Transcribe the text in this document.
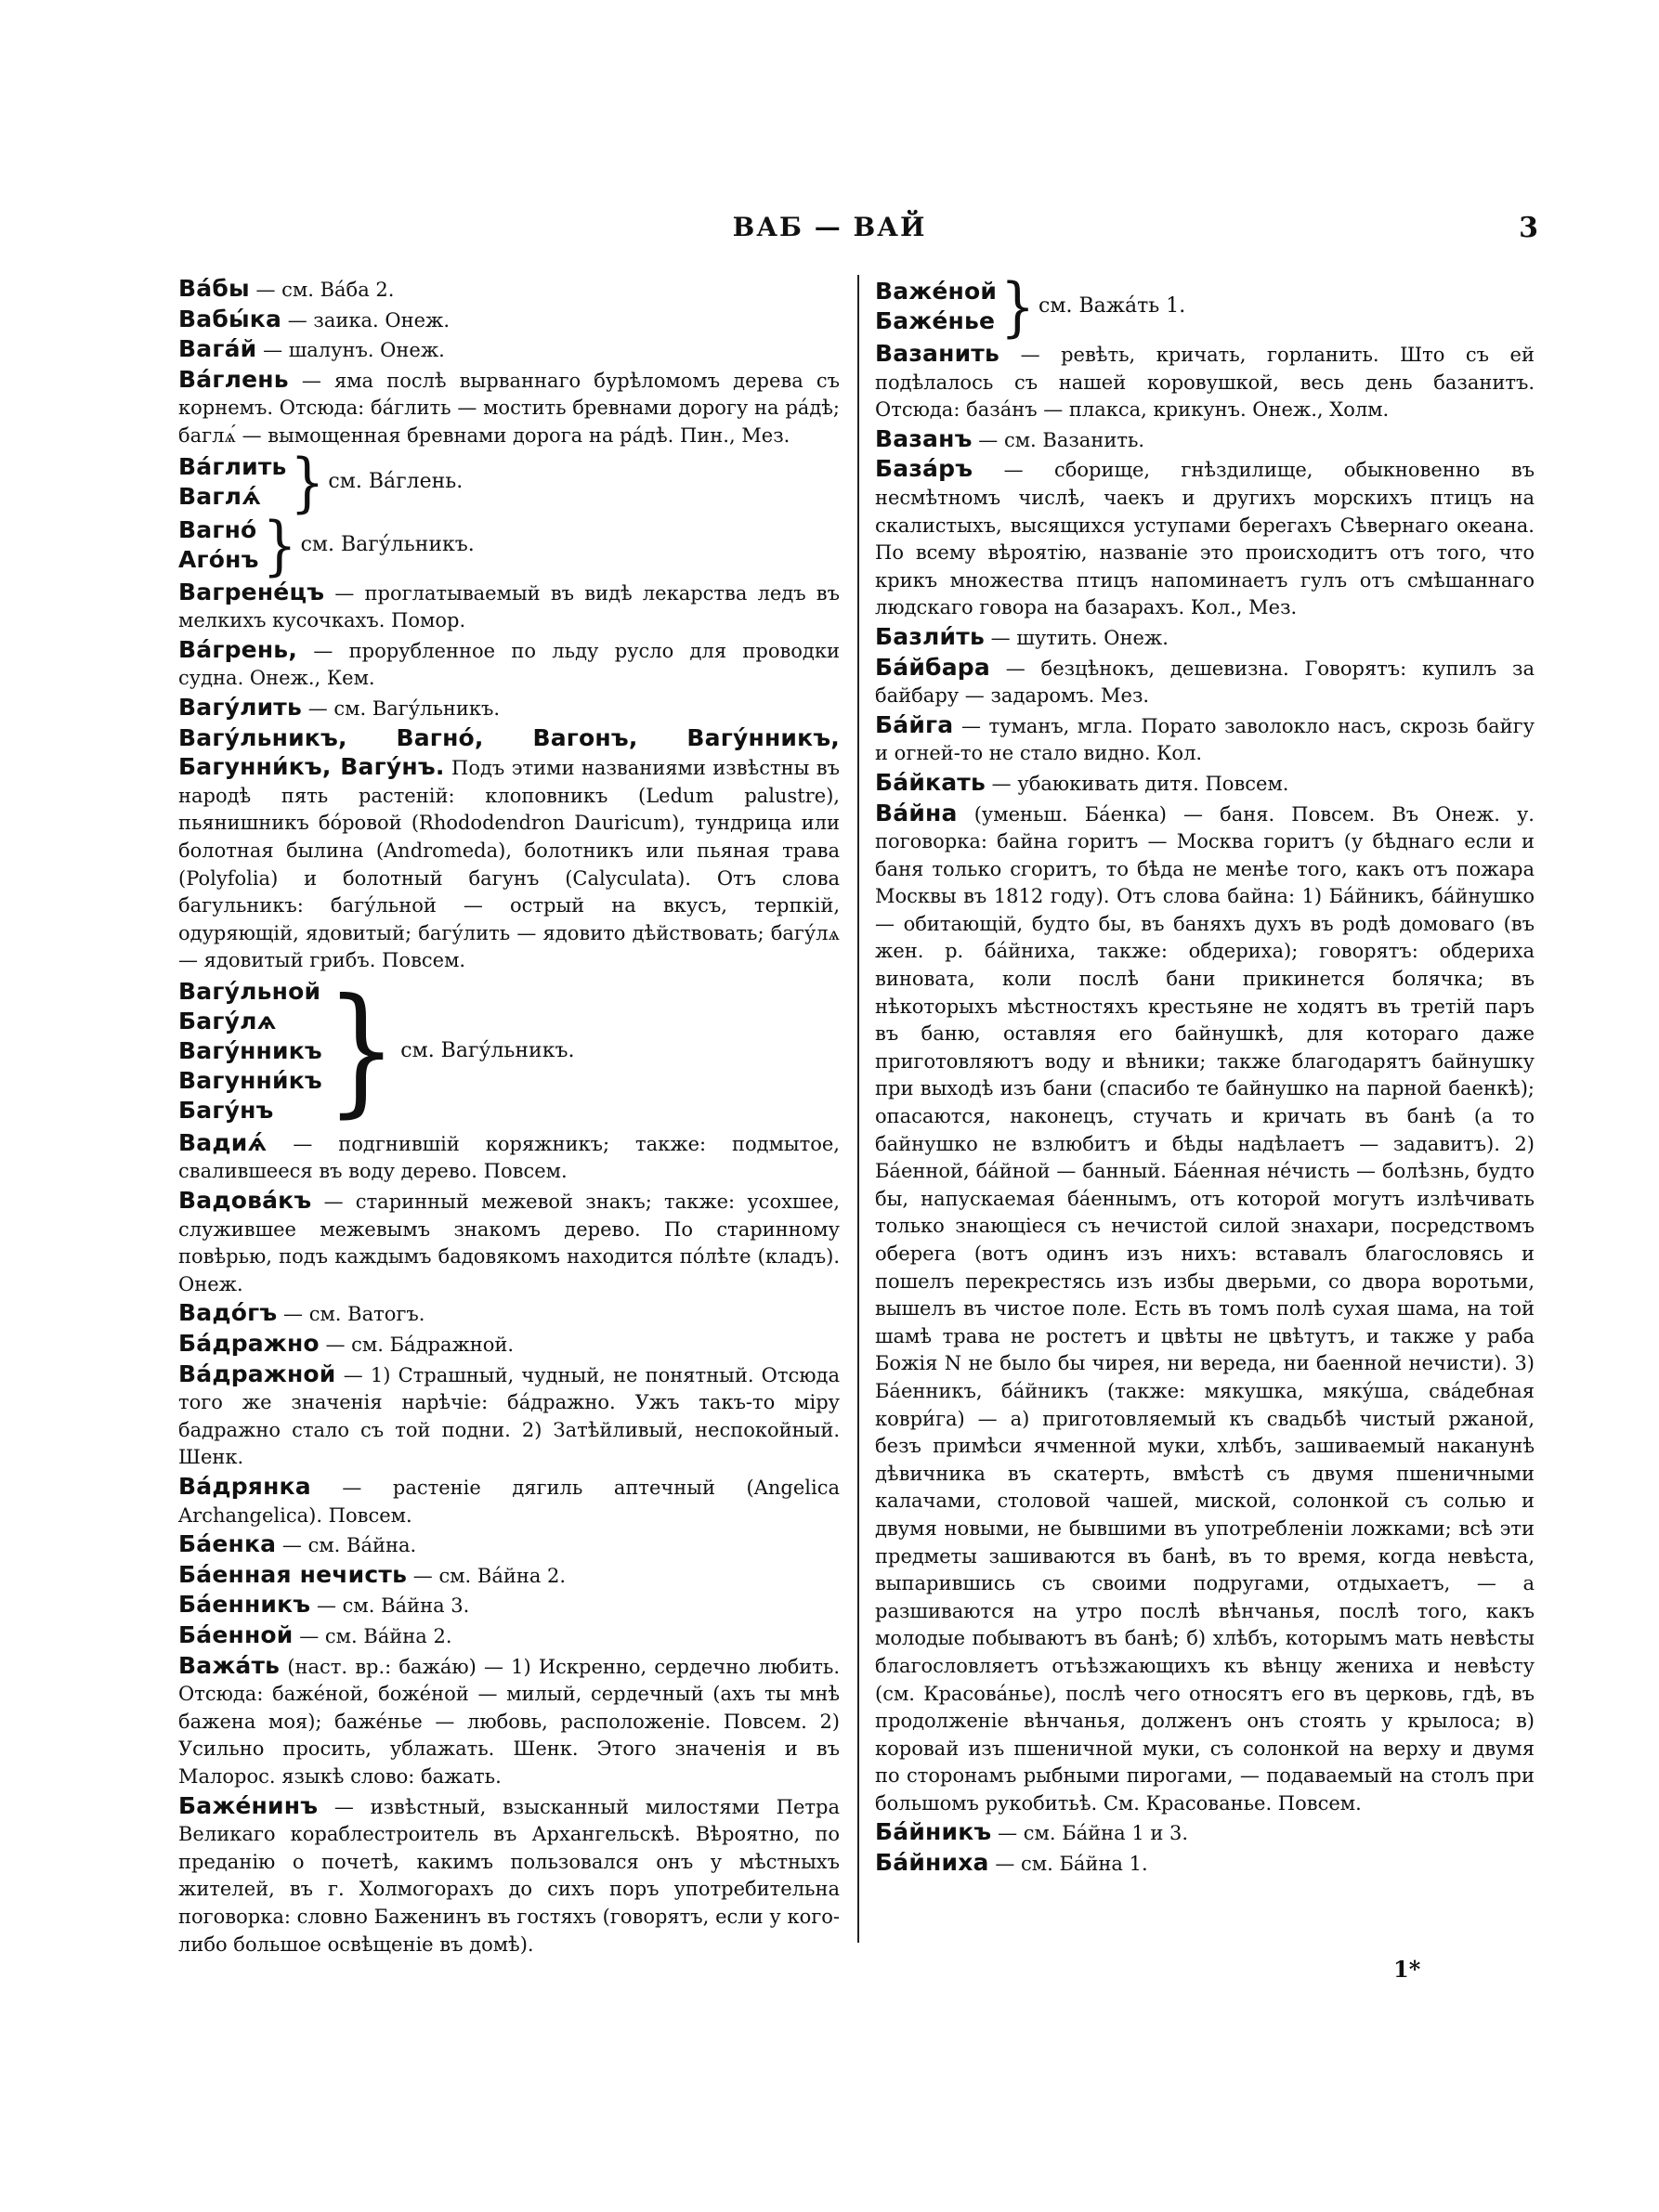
ВАБ — ВАЙ	3
Ва́бы — см. Ва́ба 2.
Вабы́ка — заика. Онеж.
Вага́й — шалунъ. Онеж.
Ва́глень — яма послѣ вырваннаго бурѣломомъ дерева съ корнемъ. Отсюда: ба́глить — мостить бревнами дорогу на ра́дѣ; баглѧ́ — вымощенная бревнами дорога на ра́дѣ. Пин., Мез.
Ва́глить
Ваглѧ́ } см. Ва́глень.
Вагно́
Аго́нъ } см. Вагу́льникъ.
Вагрене́цъ — проглатываемый въ видѣ лекарства ледъ въ мелкихъ кусочкахъ. Помор.
Ва́грень, — прорубленное по льду русло для проводки судна. Онеж., Кем.
Вагу́лить — см. Вагу́льникъ.
Вагу́льникъ, Вагно́, Вагонъ, Вагу́нникъ, Багунни́къ, Вагу́нъ. Подъ этими названиями извѣстны въ народѣ пять растеній: клоповникъ (Ledum palustre), пьянишникъ бо́ровой (Rhododendron Dauricum), тундрица или болотная былина (Andromeda), болотникъ или пьяная трава (Polyfolia) и болотный багунъ (Calyculata). Отъ слова багульникъ: багу́льной — острый на вкусъ, терпкій, одуряющій, ядовитый; багу́лить — ядовито дѣйствовать; багу́лѧ — ядовитый грибъ. Повсем.
Вагу́льной
Багу́лѧ
Вагу́нникъ
Вагунни́къ
Багу́нъ } см. Вагу́льникъ.
Вадиѧ́ — подгнившій коряжникъ; также: подмытое, свалившееся въ воду дерево. Повсем.
Вадова́къ — старинный межевой знакъ; также: усохшее, служившее межевымъ знакомъ дерево. По старинному повѣрью, подъ каждымъ бадовякомъ находится по́лѣте (кладъ). Онеж.
Вадо́гъ — см. Ватогъ.
Ба́дражно — см. Ба́дражной.
Ва́дражной — 1) Страшный, чудный, не понятный. Отсюда того же значенія нарѣчіе: ба́дражно. Ужъ такъ-то міру бадражно стало съ той подни. 2) Затѣйливый, неспокойный. Шенк.
Ва́дрянка — растеніе дягиль аптечный (Angelica Archangelica). Повсем.
Ба́енка — см. Ва́йна.
Ба́енная нечисть — см. Ва́йна 2.
Ба́енникъ — см. Ва́йна 3.
Ба́енной — см. Ва́йна 2.
Важа́ть (наст. вр.: бажа́ю) — 1) Искренно, сердечно любить. Отсюда: баже́ной, боже́ной — милый, сердечный (ахъ ты мнѣ бажена моя); баже́нье — любовь, расположеніе. Повсем. 2) Усильно просить, ублажать. Шенк. Этого значенія и въ Малорос. языкѣ слово: бажать.
Баже́нинъ — извѣстный, взысканный милостями Петра Великаго кораблестроитель въ Архангельскѣ. Вѣроятно, по преданію о почетѣ, какимъ пользовался онъ у мѣстныхъ жителей, въ г. Холмогорахъ до сихъ поръ употребительна поговорка: словно Баженинъ въ гостяхъ (говорятъ, если у кого-либо большое освѣщеніе въ домѣ).
Важе́ной
Баже́нье } см. Важа́ть 1.
Вазанить — ревѣть, кричать, горланить. Што съ ей подѣлалось съ нашей коровушкой, весь день базанитъ. Отсюда: база́нъ — плакса, крикунъ. Онеж., Холм.
Вазанъ — см. Вазанить.
База́ръ — сборище, гнѣздилище, обыкновенно въ несмѣтномъ числѣ, чаекъ и другихъ морскихъ птицъ на скалистыхъ, высящихся уступами берегахъ Сѣвернаго океана. По всему вѣроятію, названіе это происходитъ отъ того, что крикъ множества птицъ напоминаетъ гулъ отъ смѣшаннаго людскаго говора на базарахъ. Кол., Мез.
Базли́ть — шутить. Онеж.
Ба́йбара — безцѣнокъ, дешевизна. Говорятъ: купилъ за байбару — задаромъ. Мез.
Ба́йга — туманъ, мгла. Порато заволокло насъ, скрозь байгу и огней-то не стало видно. Кол.
Ба́йкать — убаюкивать дитя. Повсем.
Ва́йна (уменьш. Ба́енка) — баня. Повсем. Въ Онеж. у. поговорка: байна горитъ — Москва горитъ (у бѣднаго если и баня только сгоритъ, то бѣда не менѣе того, какъ отъ пожара Москвы въ 1812 году). Отъ слова байна: 1) Ба́йникъ, ба́йнушко — обитающій, будто бы, въ баняхъ духъ въ родѣ домоваго (въ жен. р. ба́йниха, также: обдериха); говорятъ: обдериха виновата, коли послѣ бани прикинется болячка; въ нѣкоторыхъ мѣстностяхъ крестьяне не ходятъ въ третій паръ въ баню, оставляя его байнушкѣ, для котораго даже приготовляютъ воду и вѣники; также благодарятъ байнушку при выходѣ изъ бани (спасибо те байнушко на парной баенкѣ); опасаются, наконецъ, стучать и кричать въ банѣ (а то байнушко не взлюбитъ и бѣды надѣлаетъ — задавитъ). 2) Ба́енной, ба́йной — банный. Ба́енная не́чисть — болѣзнь, будто бы, напускаемая ба́еннымъ, отъ которой могутъ излѣчивать только знающіеся съ нечистой силой знахари, посредствомъ оберега (вотъ одинъ изъ нихъ: вставалъ благословясь и пошелъ перекрестясь изъ избы дверьми, со двора воротьми, вышелъ въ чистое поле. Есть въ томъ полѣ сухая шама, на той шамѣ трава не ростетъ и цвѣты не цвѣтутъ, и также у раба Божія N не было бы чирея, ни вереда, ни баенной нечисти). 3) Ба́енникъ, ба́йникъ (также: мякушка, мяку́ша, сва́дебная коври́га) — а) приготовляемый къ свадьбѣ чистый ржаной, безъ примѣси ячменной муки, хлѣбъ, зашиваемый наканунѣ дѣвичника въ скатерть, вмѣстѣ съ двумя пшеничными калачами, столовой чашей, миской, солонкой съ солью и двумя новыми, не бывшими въ употребленіи ложками; всѣ эти предметы зашиваются въ банѣ, въ то время, когда невѣста, выпарившись съ своими подругами, отдыхаетъ, — а разшиваются на утро послѣ вѣнчанья, послѣ того, какъ молодые побываютъ въ банѣ; б) хлѣбъ, которымъ мать невѣсты благословляетъ отъѣзжающихъ къ вѣнцу жениха и невѣсту (см. Красова́нье), послѣ чего относятъ его въ церковь, гдѣ, въ продолженіе вѣнчанья, долженъ онъ стоять у крылоса; в) коровай изъ пшеничной муки, съ солонкой на верху и двумя по сторонамъ рыбными пирогами, — подаваемый на столъ при большомъ рукобитьѣ. См. Красованье. Повсем.
Ба́йникъ — см. Ба́йна 1 и 3.
Ба́йниха — см. Ба́йна 1.
1*
